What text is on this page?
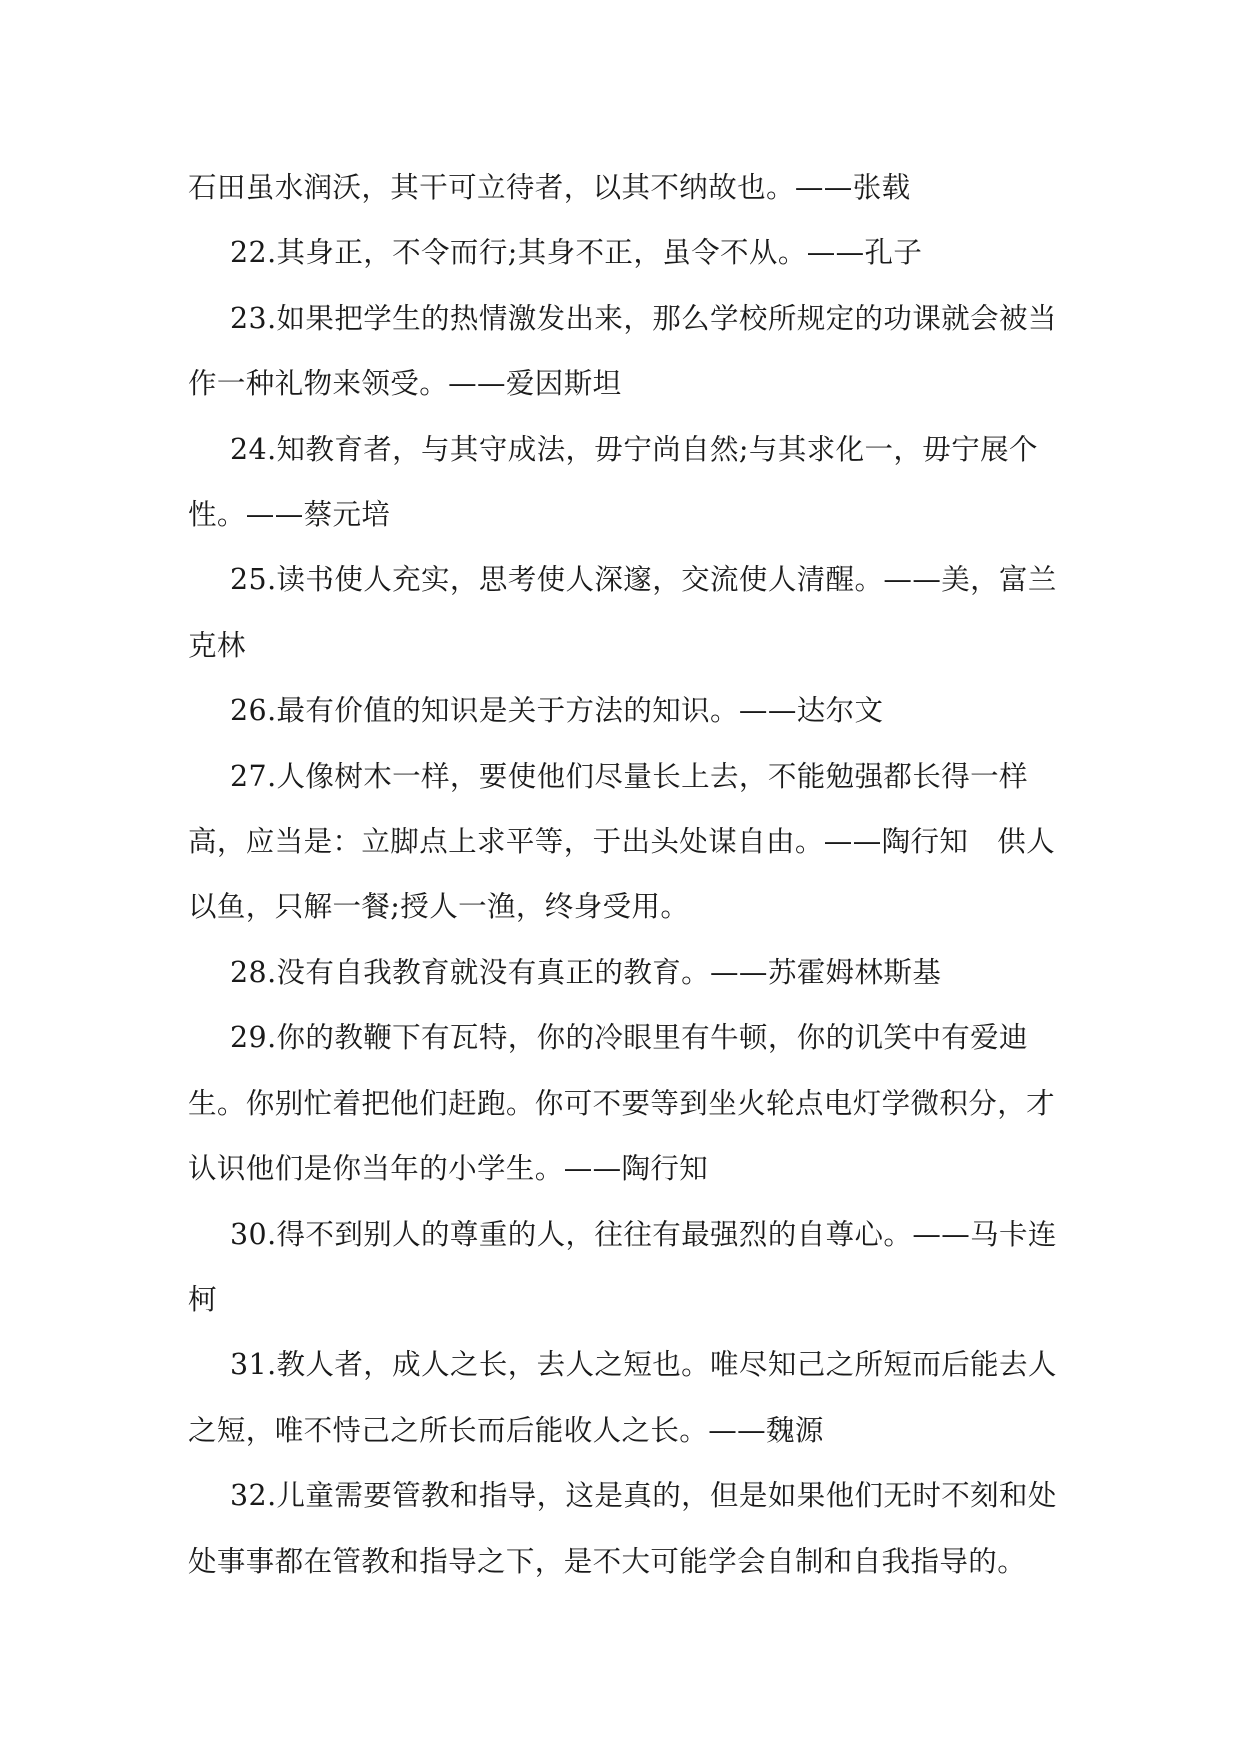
石田虽水润沃，其干可立待者，以其不纳故也。——张载

22.其身正，不令而行;其身不正，虽令不从。——孔子

23.如果把学生的热情激发出来，那么学校所规定的功课就会被当作一种礼物来领受。——爱因斯坦

24.知教育者，与其守成法，毋宁尚自然;与其求化一，毋宁展个性。——蔡元培

25.读书使人充实，思考使人深邃，交流使人清醒。——美，富兰克林

26.最有价值的知识是关于方法的知识。——达尔文

27.人像树木一样，要使他们尽量长上去，不能勉强都长得一样高，应当是：立脚点上求平等，于出头处谋自由。——陶行知　供人以鱼，只解一餐;授人一渔，终身受用。

28.没有自我教育就没有真正的教育。——苏霍姆林斯基

29.你的教鞭下有瓦特，你的冷眼里有牛顿，你的讥笑中有爱迪生。你别忙着把他们赶跑。你可不要等到坐火轮点电灯学微积分，才认识他们是你当年的小学生。——陶行知

30.得不到别人的尊重的人，往往有最强烈的自尊心。——马卡连柯

31.教人者，成人之长，去人之短也。唯尽知己之所短而后能去人之短，唯不恃己之所长而后能收人之长。——魏源

32.儿童需要管教和指导，这是真的，但是如果他们无时不刻和处处事事都在管教和指导之下，是不大可能学会自制和自我指导的。
